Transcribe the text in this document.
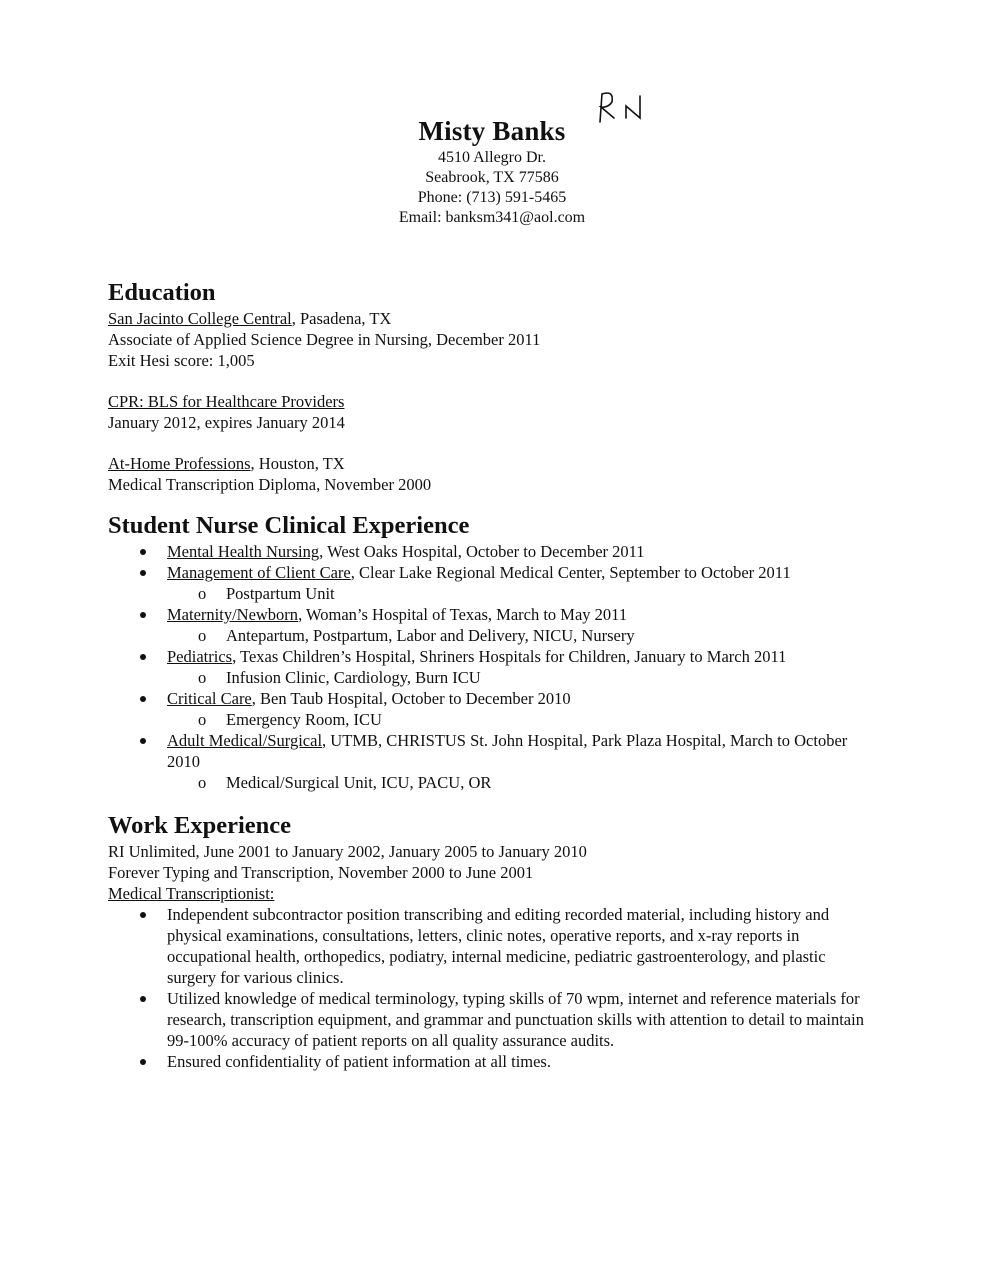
Misty Banks
4510 Allegro Dr.
Seabrook, TX 77586
Phone: (713) 591-5465
Email: banksm341@aol.com
Education
San Jacinto College Central, Pasadena, TX
Associate of Applied Science Degree in Nursing, December 2011
Exit Hesi score: 1,005
CPR: BLS for Healthcare Providers
January 2012, expires January 2014
At-Home Professions, Houston, TX
Medical Transcription Diploma, November 2000
Student Nurse Clinical Experience
Mental Health Nursing, West Oaks Hospital, October to December 2011
Management of Client Care, Clear Lake Regional Medical Center, September to October 2011
o Postpartum Unit
Maternity/Newborn, Woman’s Hospital of Texas, March to May 2011
o Antepartum, Postpartum, Labor and Delivery, NICU, Nursery
Pediatrics, Texas Children’s Hospital, Shriners Hospitals for Children, January to March 2011
o Infusion Clinic, Cardiology, Burn ICU
Critical Care, Ben Taub Hospital, October to December 2010
o Emergency Room, ICU
Adult Medical/Surgical, UTMB, CHRISTUS St. John Hospital, Park Plaza Hospital, March to October 2010
o Medical/Surgical Unit, ICU, PACU, OR
Work Experience
RI Unlimited, June 2001 to January 2002, January 2005 to January 2010
Forever Typing and Transcription, November 2000 to June 2001
Medical Transcriptionist:
Independent subcontractor position transcribing and editing recorded material, including history and physical examinations, consultations, letters, clinic notes, operative reports, and x-ray reports in occupational health, orthopedics, podiatry, internal medicine, pediatric gastroenterology, and plastic surgery for various clinics.
Utilized knowledge of medical terminology, typing skills of 70 wpm, internet and reference materials for research, transcription equipment, and grammar and punctuation skills with attention to detail to maintain 99-100% accuracy of patient reports on all quality assurance audits.
Ensured confidentiality of patient information at all times.
